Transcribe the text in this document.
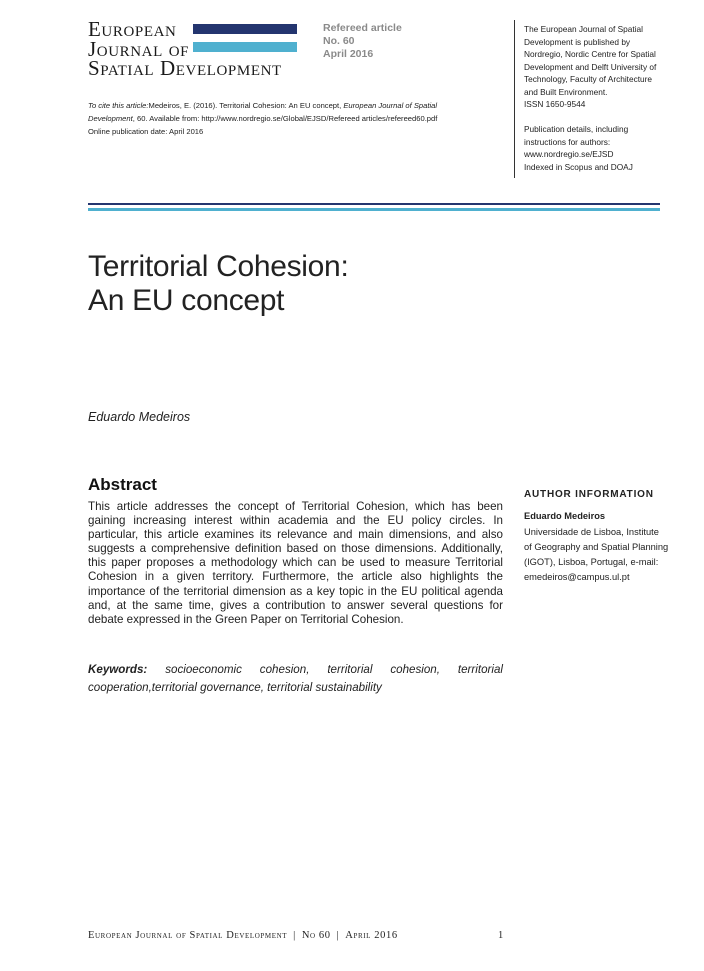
European
Journal of
Spatial Development
Refereed article
No. 60
April 2016

The European Journal of Spatial

Development is published by

Nordregio, Nordic Centre for Spatial

Development and Delft University of

Technology, Faculty of Architecture

and Built Environment.

ISSN 1650-9544

Publication details, including

instructions for authors:

www.nordregio.se/EJSD

Indexed in Scopus and DOAJ

To cite this article:Medeiros, E. (2016). Territorial Cohesion: An EU concept, European Journal of Spatial
Development, 60. Available from: http://www.nordregio.se/Global/EJSD/Refereed articles/refereed60.pdf
Online publication date: April 2016
Territorial Cohesion:
An EU concept
Eduardo Medeiros
Abstract

This article addresses the concept of Territorial Cohesion, which has been gaining increasing interest within academia and the EU policy circles. In particular, this article examines its relevance and main dimensions, and also suggests a comprehensive definition based on those dimensions. Additionally, this paper proposes a methodology which can be used to measure Territorial Cohesion in a given territory. Furthermore, the article also highlights the importance of the territorial dimension as a key topic in the EU political agenda and, at the same time, gives a contribution to answer several questions for debate expressed in the Green Paper on Territorial Cohesion.

Keywords: socioeconomic cohesion, territorial cohesion, territorial cooperation,territorial governance, territorial sustainability

AUTHOR INFORMATION
Eduardo Medeiros

Universidade de Lisboa, Institute of Geography and Spatial Planning (IGOT), Lisboa, Portugal, e-mail: emedeiros@campus.ul.pt

European Journal of Spatial Development | No 60 | April 2016	1
